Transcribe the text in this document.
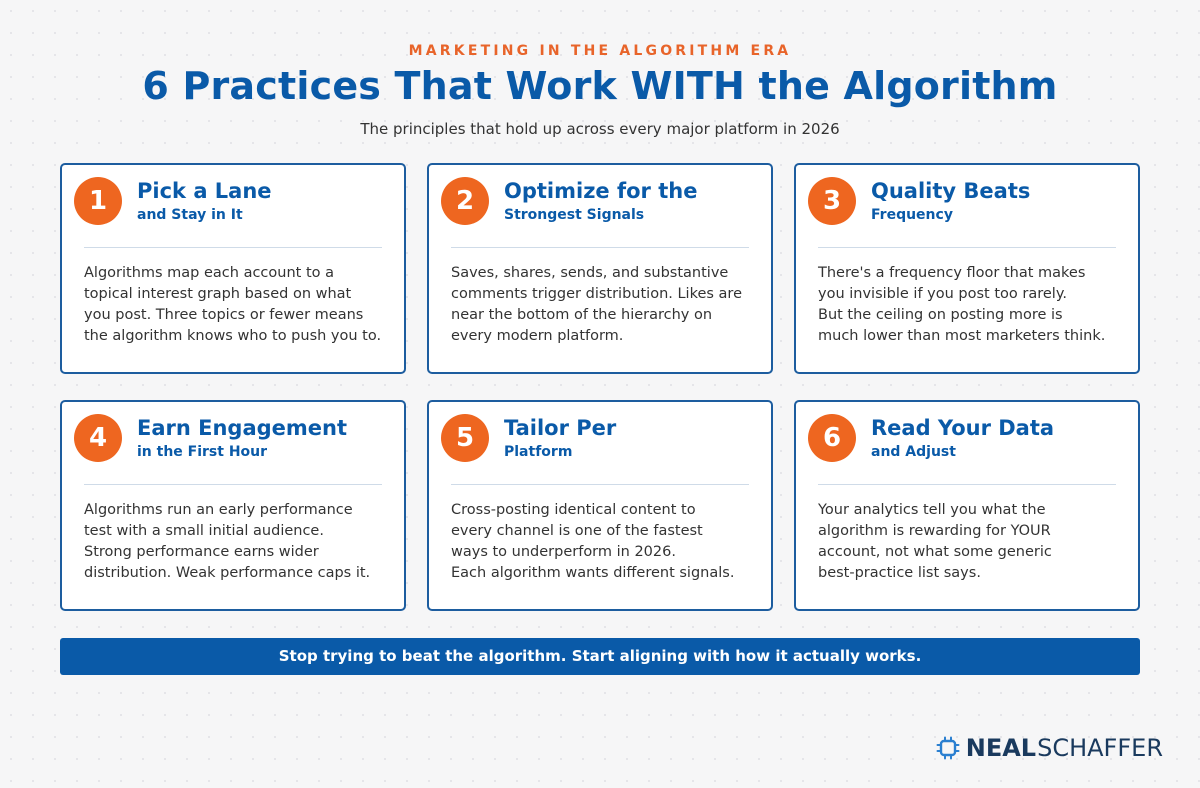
MARKETING IN THE ALGORITHM ERA
6 Practices That Work WITH the Algorithm
The principles that hold up across every major platform in 2026
1	Pick a Lane
and Stay in It
Algorithms map each account to a
topical interest graph based on what
you post. Three topics or fewer means
the algorithm knows who to push you to.
2	Optimize for the
Strongest Signals
Saves, shares, sends, and substantive
comments trigger distribution. Likes are
near the bottom of the hierarchy on
every modern platform.
3	Quality Beats
Frequency
There's a frequency floor that makes
you invisible if you post too rarely.
But the ceiling on posting more is
much lower than most marketers think.
4	Earn Engagement
in the First Hour
Algorithms run an early performance
test with a small initial audience.
Strong performance earns wider
distribution. Weak performance caps it.
5	Tailor Per
Platform
Cross-posting identical content to
every channel is one of the fastest
ways to underperform in 2026.
Each algorithm wants different signals.
6	Read Your Data
and Adjust
Your analytics tell you what the
algorithm is rewarding for YOUR
account, not what some generic
best-practice list says.
Stop trying to beat the algorithm. Start aligning with how it actually works.
NEAL SCHAFFER
